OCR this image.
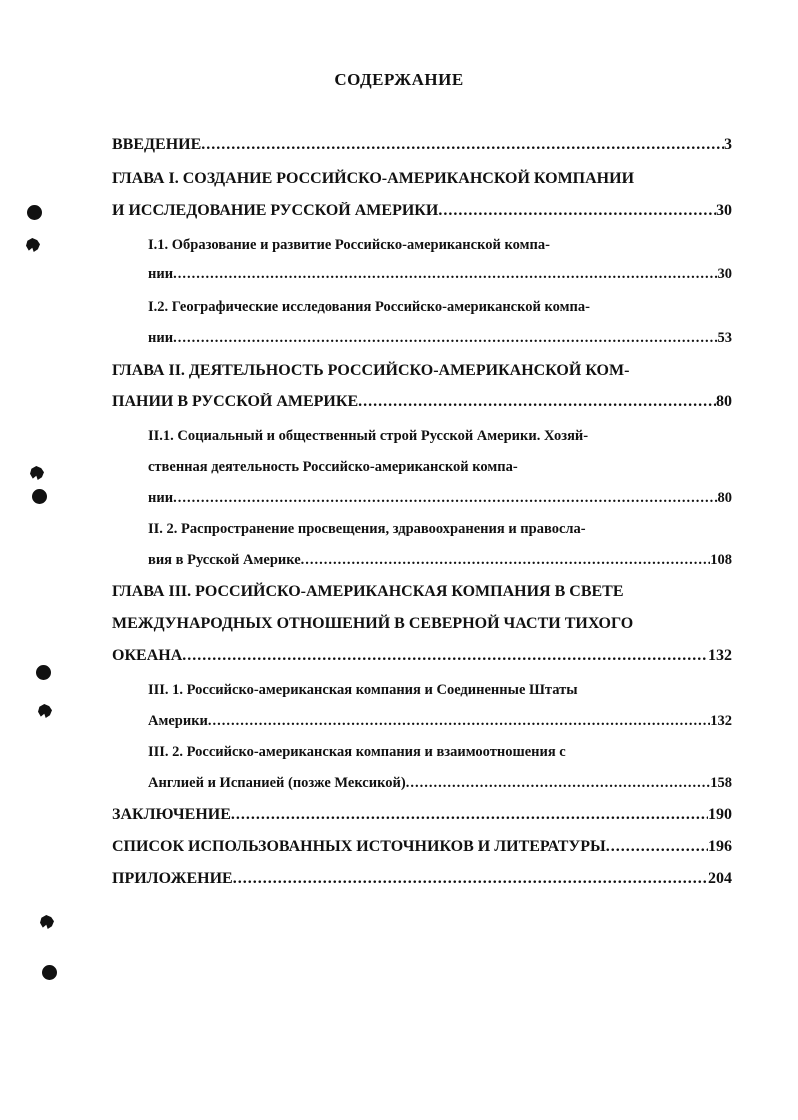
СОДЕРЖАНИЕ
ВВЕДЕНИЕ .....	3
ГЛАВА I. СОЗДАНИЕ РОССИЙСКО-АМЕРИКАНСКОЙ КОМПАНИИ
И ИССЛЕДОВАНИЕ РУССКОЙ АМЕРИКИ .....	30
I.1. Образование и развитие Российско-американской компа-
нии .....	30
I.2. Географические исследования Российско-американской компа-
нии .....	53
ГЛАВА II. ДЕЯТЕЛЬНОСТЬ РОССИЙСКО-АМЕРИКАНСКОЙ КОМ-
ПАНИИ В РУССКОЙ АМЕРИКЕ .....	80
II.1. Социальный и общественный строй Русской Америки. Хозяй-
ственная деятельность Российско-американской компа-
нии .....	80
II. 2. Распространение просвещения, здравоохранения и правосла-
вия в Русской Америке .....	108
ГЛАВА III. РОССИЙСКО-АМЕРИКАНСКАЯ КОМПАНИЯ В СВЕТЕ
МЕЖДУНАРОДНЫХ ОТНОШЕНИЙ В СЕВЕРНОЙ ЧАСТИ ТИХОГО
ОКЕАНА .....	132
III. 1. Российско-американская компания и Соединенные Штаты
Америки .....	132
III. 2. Российско-американская компания и взаимоотношения с
Англией и Испанией (позже Мексикой) .....	158
ЗАКЛЮЧЕНИЕ .....	190
СПИСОК ИСПОЛЬЗОВАННЫХ ИСТОЧНИКОВ И ЛИТЕРАТУРЫ .....	196
ПРИЛОЖЕНИЕ .....	204
